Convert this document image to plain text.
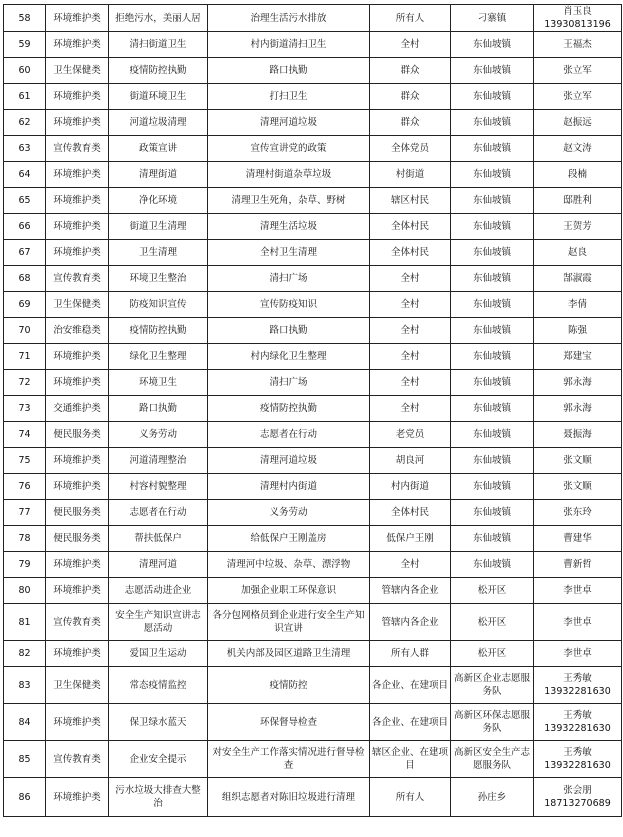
58	环境维护类	拒绝污水，美丽人居	治理生活污水排放	所有人	刁寨镇	肖玉良
13930813196
59	环境维护类	清扫街道卫生	村内街道清扫卫生	全村	东仙坡镇	王福杰
60	卫生保健类	疫情防控执勤	路口执勤	群众	东仙坡镇	张立军
61	环境维护类	街道环境卫生	打扫卫生	群众	东仙坡镇	张立军
62	环境维护类	河道垃圾清理	清理河道垃圾	群众	东仙坡镇	赵振远
63	宣传教育类	政策宣讲	宣传宣讲党的政策	全体党员	东仙坡镇	赵文涛
64	环境维护类	清理街道	清理村街道杂草垃圾	村街道	东仙坡镇	段楠
65	环境维护类	净化环境	清理卫生死角，杂草、野树	辖区村民	东仙坡镇	邸胜利
66	环境维护类	街道卫生清理	清理生活垃圾	全体村民	东仙坡镇	王贺芳
67	环境维护类	卫生清理	全村卫生清理	全体村民	东仙坡镇	赵良
68	宣传教育类	环境卫生整治	清扫广场	全村	东仙坡镇	郜淑霞
69	卫生保健类	防疫知识宣传	宣传防疫知识	全村	东仙坡镇	李倩
70	治安维稳类	疫情防控执勤	路口执勤	全村	东仙坡镇	陈强
71	环境维护类	绿化卫生整理	村内绿化卫生整理	全村	东仙坡镇	郑建宝
72	环境维护类	环境卫生	清扫广场	全村	东仙坡镇	郭永海
73	交通维护类	路口执勤	疫情防控执勤	全村	东仙坡镇	郭永海
74	便民服务类	义务劳动	志愿者在行动	老党员	东仙坡镇	聂振海
75	环境维护类	河道清理整治	清理河道垃圾	胡良河	东仙坡镇	张文顺
76	环境维护类	村容村貌整理	清理村内街道	村内街道	东仙坡镇	张文顺
77	便民服务类	志愿者在行动	义务劳动	全体村民	东仙坡镇	张东玲
78	便民服务类	帮扶低保户	给低保户王刚盖房	低保户王刚	东仙坡镇	曹建华
79	环境维护类	清理河道	清理河中垃圾、杂草、漂浮物	全村	东仙坡镇	曹新哲
80	环境维护类	志愿活动进企业	加强企业职工环保意识	管辖内各企业	松开区	李世卓
81	宣传教育类	安全生产知识宣讲志愿活动	各分包网格员到企业进行安全生产知识宣讲	管辖内各企业	松开区	李世卓
82	环境维护类	爱国卫生运动	机关内部及园区道路卫生清理	所有人群	松开区	李世卓
83	卫生保健类	常态疫情监控	疫情防控	各企业、在建项目	高新区企业志愿服务队	王秀敏
13932281630
84	环境维护类	保卫绿水蓝天	环保督导检查	各企业、在建项目	高新区环保志愿服务队	王秀敏
13932281630
85	宣传教育类	企业安全提示	对安全生产工作落实情况进行督导检查	辖区企业、在建项目	高新区安全生产志愿服务队	王秀敏
13932281630
86	环境维护类	污水垃圾大排查大整治	组织志愿者对陈旧垃圾进行清理	所有人	孙庄乡	张会朋
18713270689
